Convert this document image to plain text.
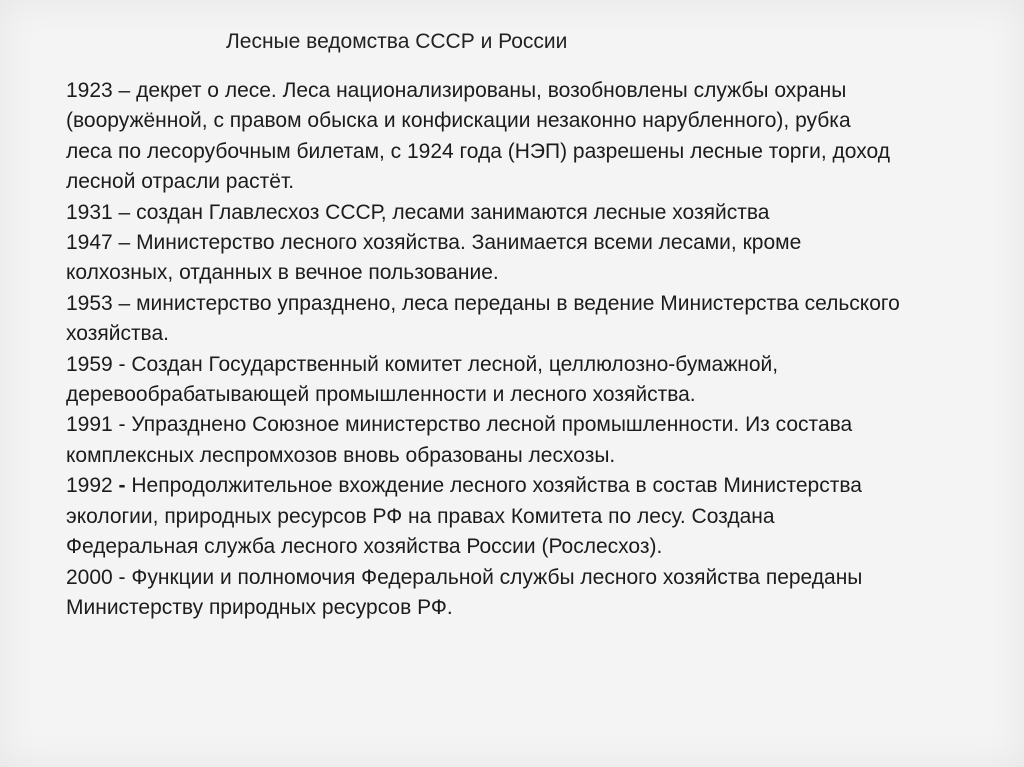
Лесные ведомства СССР и России

1923 – декрет о лесе. Леса национализированы, возобновлены службы охраны
(вооружённой, с правом обыска и конфискации незаконно нарубленного), рубка
леса по лесорубочным билетам, с 1924 года (НЭП) разрешены лесные торги, доход
лесной отрасли растёт.

1931 – создан Главлесхоз СССР, лесами занимаются лесные хозяйства

1947 – Министерство лесного хозяйства. Занимается всеми лесами, кроме
колхозных, отданных в вечное пользование.

1953 – министерство упразднено, леса переданы в ведение Министерства сельского
хозяйства.

1959 - Создан Государственный комитет лесной, целлюлозно-бумажной,
деревообрабатывающей промышленности и лесного хозяйства.

1991 - Упразднено Союзное министерство лесной промышленности. Из состава
комплексных леспромхозов вновь образованы лесхозы.

1992 - Непродолжительное вхождение лесного хозяйства в состав Министерства
экологии, природных ресурсов РФ на правах Комитета по лесу. Создана
Федеральная служба лесного хозяйства России (Рослесхоз).

2000 - Функции и полномочия Федеральной службы лесного хозяйства переданы
Министерству природных ресурсов РФ.
